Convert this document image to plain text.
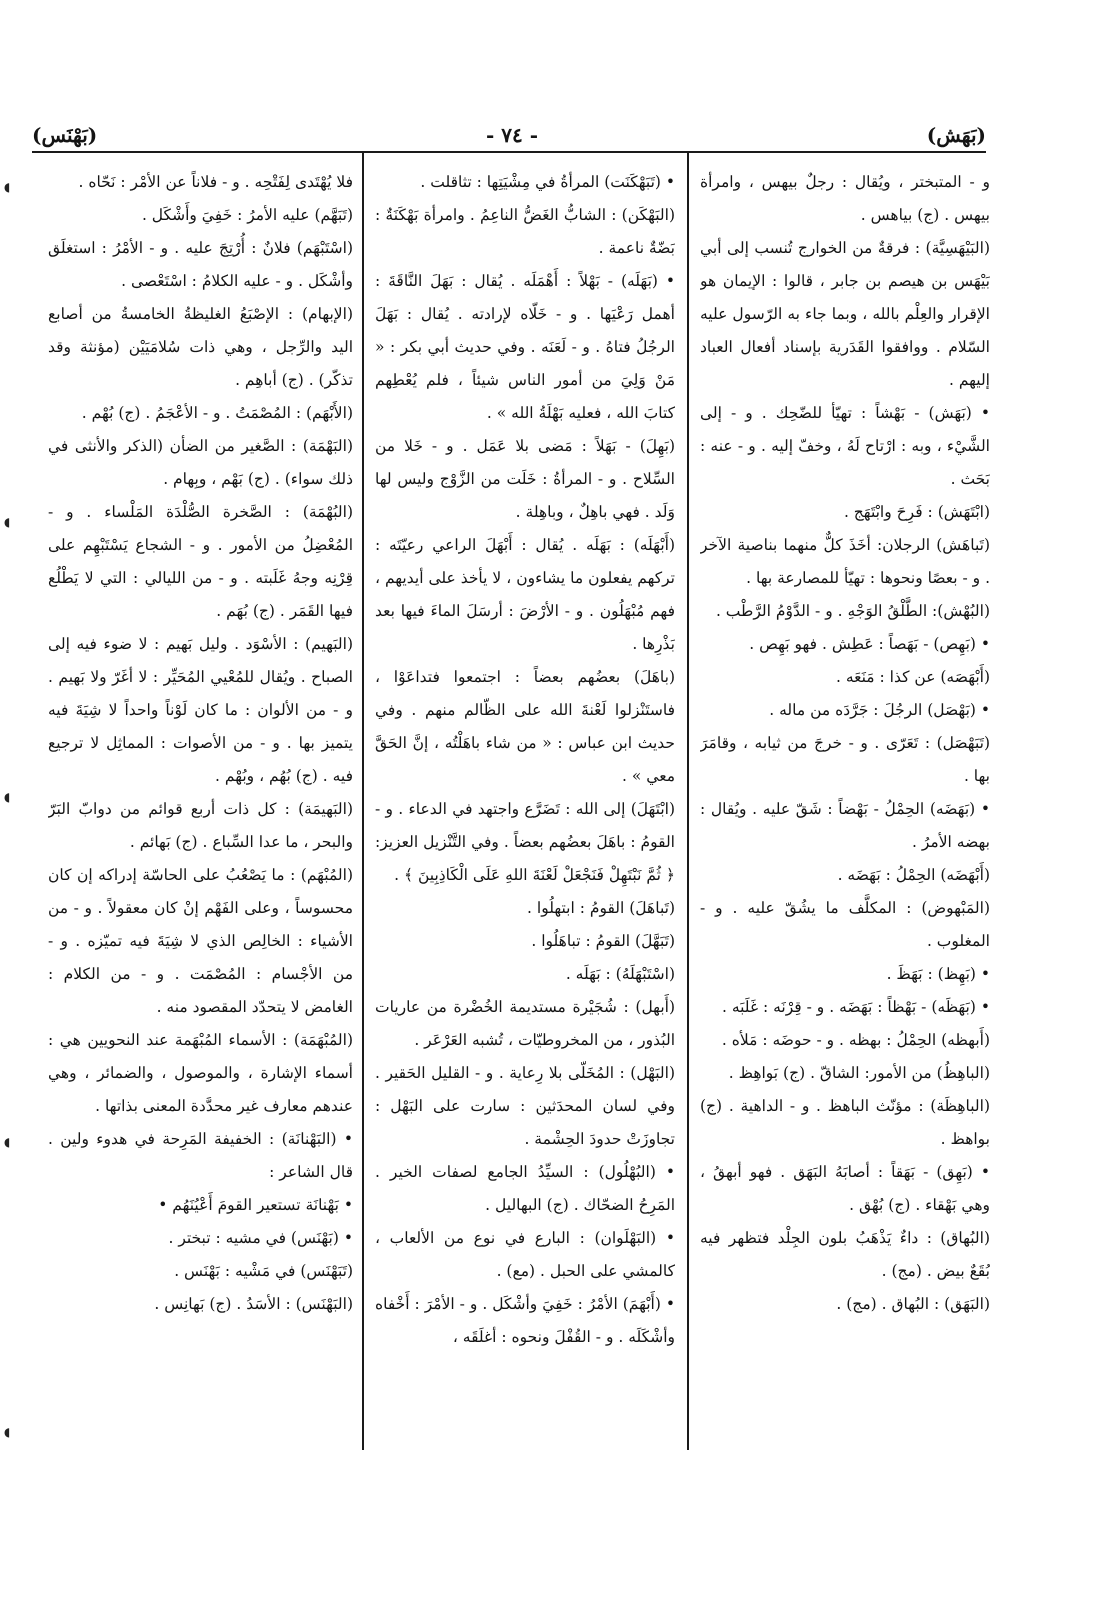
(بَهَش)
- ٧٤ -
(بَهْنَس)

و - المتبختر ، ويُقال : رجلٌ بيهس ، وامرأة بيهس . (ج) بياهس .

(البَيْهَسِيَّة) : فرقةٌ من الخوارج تُنسب إلى أبي بَيْهَس بن هيصم بن جابر ، قالوا : الإيمان هو الإقرار والعِلْم بالله ، وبما جاء به الرّسول عليه السّلام . ووافقوا القَدَرية بإسناد أفعال العباد إليهم .

• (بَهَش) - بَهْشاً : تهيّأ للضّحِك . و - إلى الشَّيْء ، وبه : ارْتاح لَهُ ، وخفّ إليه . و - عنه : بَحَث .

(ابْتَهَش) : فَرِحَ وابْتَهَج .

(تَباهَش) الرجلان: أخَذَ كلٌّ منهما بناصية الآخر . و - بعصًا ونحوها : تهيّأ للمصارعة بها .

(البُهْش): الطَّلْقُ الوَجْهِ . و - الدَّوْمُ الرَّطْب .

• (بَهِص) - بَهَصاً : عَطِش . فهو بَهِص .

(أَبْهَصَه) عن كذا : مَنَعَه .

• (بَهْصَل) الرجُلَ : جَرَّدَه من ماله .

(تَبَهْصَل) : تَعَرّى . و - خرجَ من ثيابه ، وقامَرَ بها .

• (بَهَضَه) الحِمْلُ - بَهْضاً : شَقّ عليه . ويُقال : بهضه الأمرُ .

(أَبْهَضَه) الحِمْلُ : بَهَضَه .

(المَبْهوض) : المكلَّف ما يشُقّ عليه . و - المغلوب .

• (بَهِظ) : بَهَظَ .

• (بَهَظَه) - بَهْظاً : بَهَضَه . و - قِرْنَه : غَلَبَه .

(أَبهظه) الحِمْلُ : بهظه . و - حوضَه : مَلأه .

(الباهِظُ) من الأمور: الشاقّ . (ج) بَواهِظ .

(الباهِظَة) : مؤنّث الباهظ . و - الداهية . (ج) بواهظ .

• (بَهِق) - بَهَقاً : أصابَهُ البَهَق . فهو أبهقُ ، وهي بَهْقاء . (ج) بُهْق .

(البُهاق) : داءٌ يَذْهَبُ بلون الجِلْد فتظهر فيه بُقَعٌ بيض . (مج) .

(البَهَق) : البُهاق . (مج) .

• (تَبَهْكَنَت) المرأةُ في مِشْيَتِها : تثاقلت .

(البَهْكَن) : الشابُّ الغَضُّ الناعِمُ . وامرأة بَهْكَنَةٌ : بَضّةٌ ناعمة .

• (بَهَلَه) - بَهْلاً : أَهْمَلَه . يُقال : بَهَلَ النَّاقَةَ : أهمل رَعْيَها . و - خَلّاه لإرادته . يُقال : بَهَلَ الرجُلُ فتاهُ . و - لَعَنَه . وفي حديث أبي بكر : « مَنْ وَلِيَ من أمور الناس شيئاً ، فلم يُعْطِهم كتابَ الله ، فعليه بَهْلَةُ الله » .

(بَهِلَ) - بَهَلاً : مَضى بلا عَمَل . و - خَلا من السِّلاح . و - المرأةُ : خَلَت من الزَّوْج وليس لها وَلَد . فهي باهِلٌ ، وباهِلة .

(أَبْهَلَه) : بَهَلَه . يُقال : أَبْهَلَ الراعي رعيّتَه : تركهم يفعلون ما يشاءون ، لا يأخذ على أيديهم ، فهم مُبْهَلُون . و - الأرْضَ : أرسَلَ الماءَ فيها بعد بَذْرِها .

(باهَلَ) بعضُهم بعضاً : اجتمعوا فتداعَوْا ، فاستَنْزلوا لَعْنةَ الله على الظّالم منهم . وفي حديث ابن عباس : « من شاء باهَلْتُه ، إنَّ الحَقَّ معي » .

(ابْتَهَلَ) إلى الله : تَضَرَّع واجتهد في الدعاء . و - القومُ : باهَلَ بعضُهم بعضاً . وفي التَّنْزيل العزيز: ﴿ ثُمَّ نَبْتَهِلْ فَنَجْعَلْ لَعْنَةَ اللهِ عَلَى الْكَاذِبِينَ ﴾ .

(تَباهَلَ) القومُ : ابتهلُوا .

(تَبَهَّلَ) القومُ : تباهَلُوا .

(اسْتَبْهَلَهُ) : بَهَلَه .

(أَبهل) : شُجَيْرة مستديمة الخُضْرة من عاريات البُذور ، من المخروطيّات ، تُشبه العَرْعَر .

(البَهْل) : المُخَلّى بلا رِعاية . و - القليل الحَقير . وفي لسان المحدَثين : سارت على البَهْل : تجاوزَتْ حدودَ الحِشْمة .

• (البُهْلُول) : السيِّدُ الجامع لصفات الخير . المَرِحُ الضحّاك . (ج) البهاليل .

• (البَهْلَوان) : البارع في نوع من الألعاب ، كالمشي على الحبل . (مع) .

• (أَبْهَمَ) الأمْرُ : خَفِيَ وأشْكَل . و - الأمْرَ : أَخْفاه وأشْكَلَه . و - القُفْلَ ونحوه : أغلَقَه ،

فلا يُهْتَدى لِفَتْحِه . و - فلاناً عن الأمْر : نَحّاه .

(تَبَهَّم) عليه الأمرُ : خَفِيَ وأَشْكَل .

(اسْتَبْهَم) فلانٌ : أُرْتِجَ عليه . و - الأمْرُ : استغلَق وأشْكَل . و - عليه الكلامُ : اسْتَعْصى .

(الإبهام) : الإصْبَعُ الغليظةُ الخامسةُ من أصابع اليد والرِّجل ، وهي ذات سُلامَيَيْن (مؤنثة وقد تذكّر) . (ج) أباهِم .

(الأَبْهَم) : المُصْمَتُ . و - الأعْجَمُ . (ج) بُهْم .

(البَهْمَة) : الصَّغير من الضأن (الذكر والأنثى في ذلك سواء) . (ج) بَهْم ، وبِهام .

(البُهْمَة) : الصَّخرة الصُّلْدَة المَلْساء . و - المُعْضِلُ من الأمور . و - الشجاع يَسْتَبْهِم على قِرْنِه وجهُ غَلَبته . و - من الليالي : التي لا يَطْلُع فيها القَمَر . (ج) بُهَم .

(البَهيم) : الأسْوَد . وليل بَهيم : لا ضوء فيه إلى الصباح . ويُقال للمُعْيي المُحَيِّر : لا أغَرّ ولا بَهيم . و - من الألوان : ما كان لَوْناً واحداً لا شِيَةَ فيه يتميز بها . و - من الأصوات : المماثِل لا ترجيع فيه . (ج) بُهُم ، وبُهْم .

(البَهيمَة) : كل ذات أربع قوائم من دوابّ البَرّ والبحر ، ما عدا السِّباع . (ج) بَهائم .

(المُبْهَم) : ما يَصْعُبُ على الحاسّة إدراكه إن كان محسوساً ، وعلى الفَهْم إنْ كان معقولاً . و - من الأشياء : الخالِص الذي لا شِيَةَ فيه تميّزه . و - من الأجْسام : المُصْمَت . و - من الكلام : الغامض لا يتحدّد المقصود منه .

(المُبْهَمَة) : الأسماء المُبْهَمة عند النحويين هي : أسماء الإشارة ، والموصول ، والضمائر ، وهي عندهم معارف غير محدَّدة المعنى بذاتها .

• (البَهْنانَة) : الخفيفة المَرِحة في هدوء ولين . قال الشاعر :

• بَهْنانَة تستعير القومَ أَعْيُنَهُم •

• (بَهْنَس) في مشيه : تبختر .

(تَبَهْنَس) في مَشْيه : بَهْنَس .

(البَهْنَس) : الأسَدُ . (ج) بَهانِس .

◖
◖
◖
◖
◖
